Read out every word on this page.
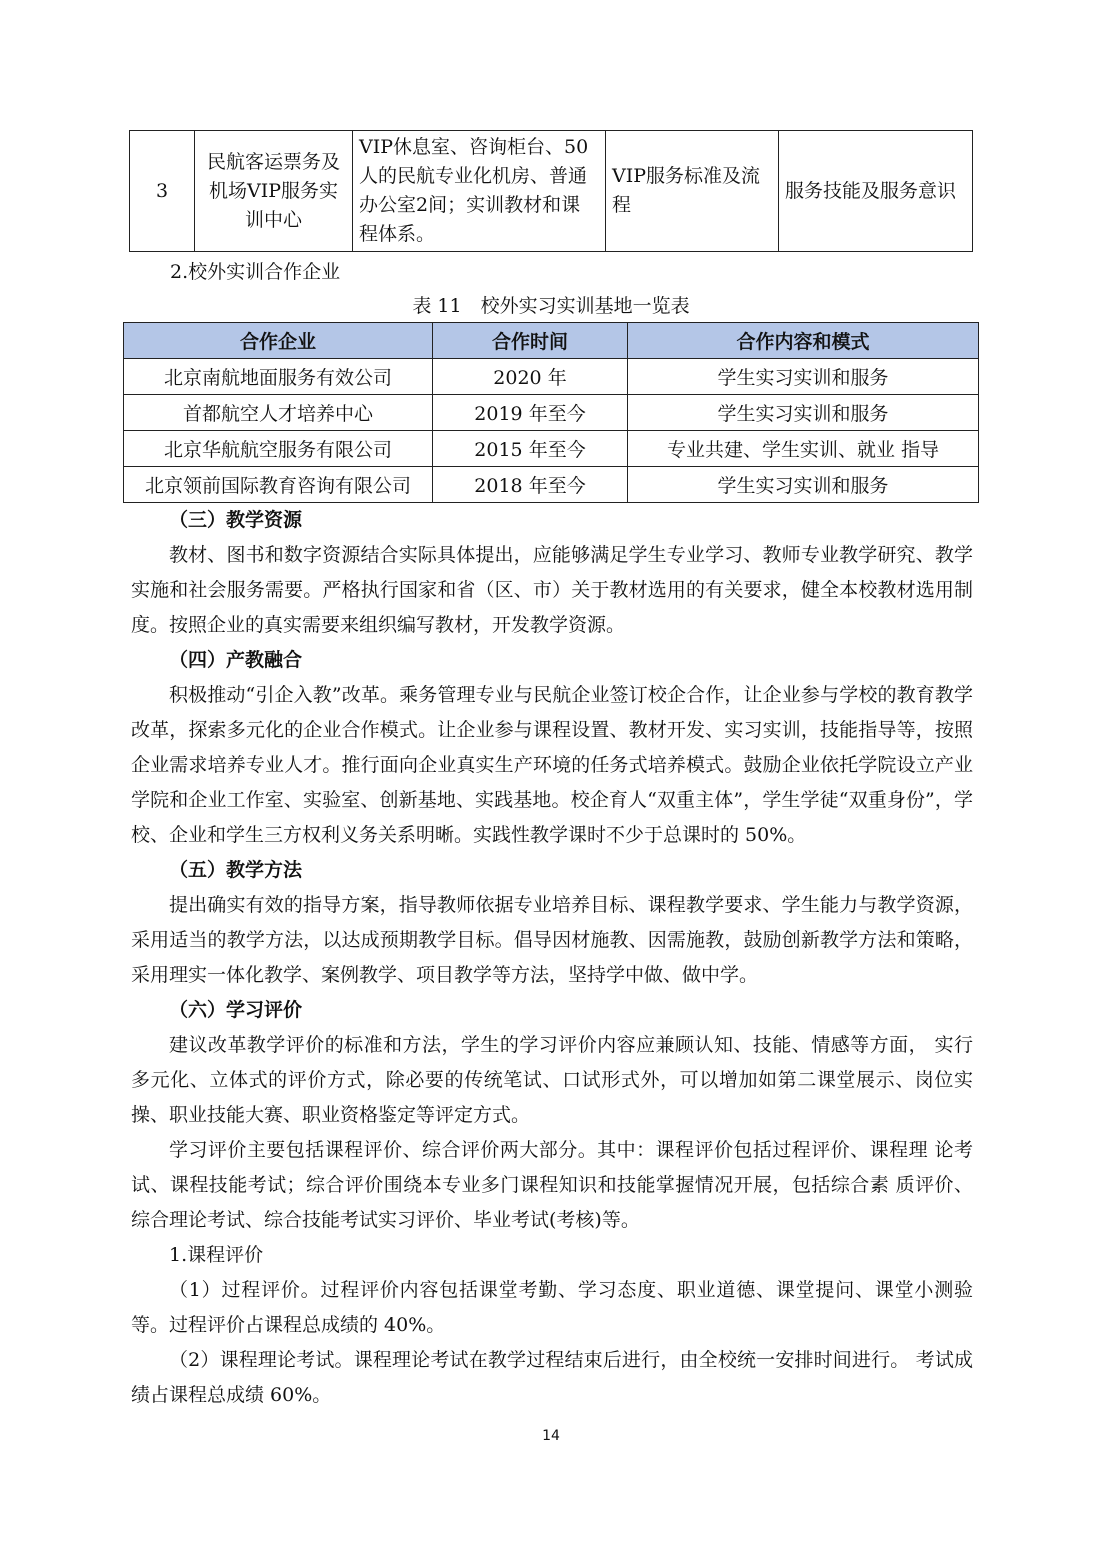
3	民航客运票务及机场VIP服务实训中心	VIP休息室、咨询柜台、50人的民航专业化机房、普通办公室2间；实训教材和课程体系。	VIP服务标准及流程	服务技能及服务意识
2.校外实训合作企业
表 11　校外实习实训基地一览表
合作企业	合作时间	合作内容和模式
北京南航地面服务有效公司	2020 年	学生实习实训和服务
首都航空人才培养中心	2019 年至今	学生实习实训和服务
北京华航航空服务有限公司	2015 年至今	专业共建、学生实训、就业 指导
北京领前国际教育咨询有限公司	2018 年至今	学生实习实训和服务

（三）教学资源

教材、图书和数字资源结合实际具体提出，应能够满足学生专业学习、教师专业教学研究、教学实施和社会服务需要。严格执行国家和省（区、市）关于教材选用的有关要求，健全本校教材选用制度。按照企业的真实需要来组织编写教材，开发教学资源。

（四）产教融合

积极推动“引企入教”改革。乘务管理专业与民航企业签订校企合作，让企业参与学校的教育教学改革，探索多元化的企业合作模式。让企业参与课程设置、教材开发、实习实训，技能指导等，按照企业需求培养专业人才。推行面向企业真实生产环境的任务式培养模式。鼓励企业依托学院设立产业学院和企业工作室、实验室、创新基地、实践基地。校企育人“双重主体”，学生学徒“双重身份”，学校、企业和学生三方权利义务关系明晰。实践性教学课时不少于总课时的 50%。

（五）教学方法

提出确实有效的指导方案，指导教师依据专业培养目标、课程教学要求、学生能力与教学资源，采用适当的教学方法，以达成预期教学目标。倡导因材施教、因需施教，鼓励创新教学方法和策略，采用理实一体化教学、案例教学、项目教学等方法，坚持学中做、做中学。

（六）学习评价

建议改革教学评价的标准和方法，学生的学习评价内容应兼顾认知、技能、情感等方面， 实行多元化、立体式的评价方式，除必要的传统笔试、口试形式外，可以增加如第二课堂展示、岗位实操、职业技能大赛、职业资格鉴定等评定方式。

学习评价主要包括课程评价、综合评价两大部分。其中：课程评价包括过程评价、课程理 论考试、课程技能考试；综合评价围绕本专业多门课程知识和技能掌握情况开展，包括综合素 质评价、综合理论考试、综合技能考试实习评价、毕业考试(考核)等。

1.课程评价

（1）过程评价。过程评价内容包括课堂考勤、学习态度、职业道德、课堂提问、课堂小测验等。过程评价占课程总成绩的 40%。

（2）课程理论考试。课程理论考试在教学过程结束后进行，由全校统一安排时间进行。 考试成绩占课程总成绩 60%。

14
